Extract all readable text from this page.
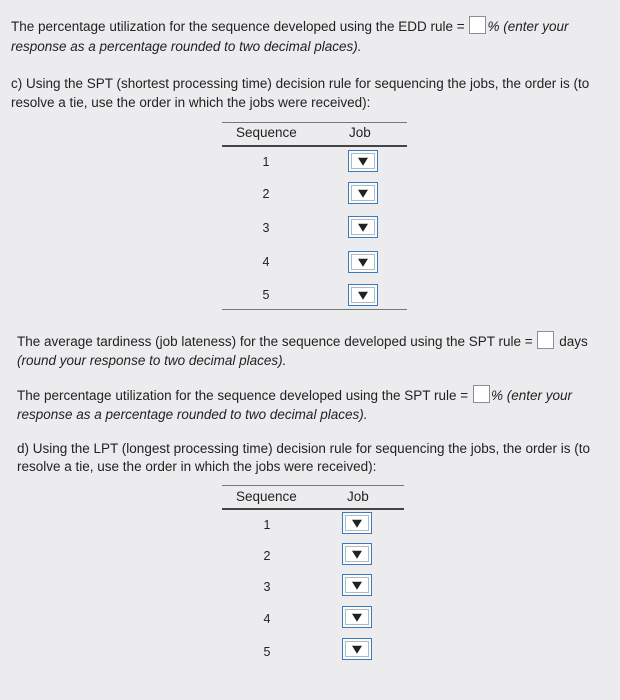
The percentage utilization for the sequence developed using the EDD rule = % (enter your
response as a percentage rounded to two decimal places).
c) Using the SPT (shortest processing time) decision rule for sequencing the jobs, the order is (to
resolve a tie, use the order in which the jobs were received):
Sequence	Job
1
2
3
4
5
The average tardiness (job lateness) for the sequence developed using the SPT rule = days
(round your response to two decimal places).
The percentage utilization for the sequence developed using the SPT rule = % (enter your
response as a percentage rounded to two decimal places).
d) Using the LPT (longest processing time) decision rule for sequencing the jobs, the order is (to
resolve a tie, use the order in which the jobs were received):
Sequence	Job
1
2
3
4
5
